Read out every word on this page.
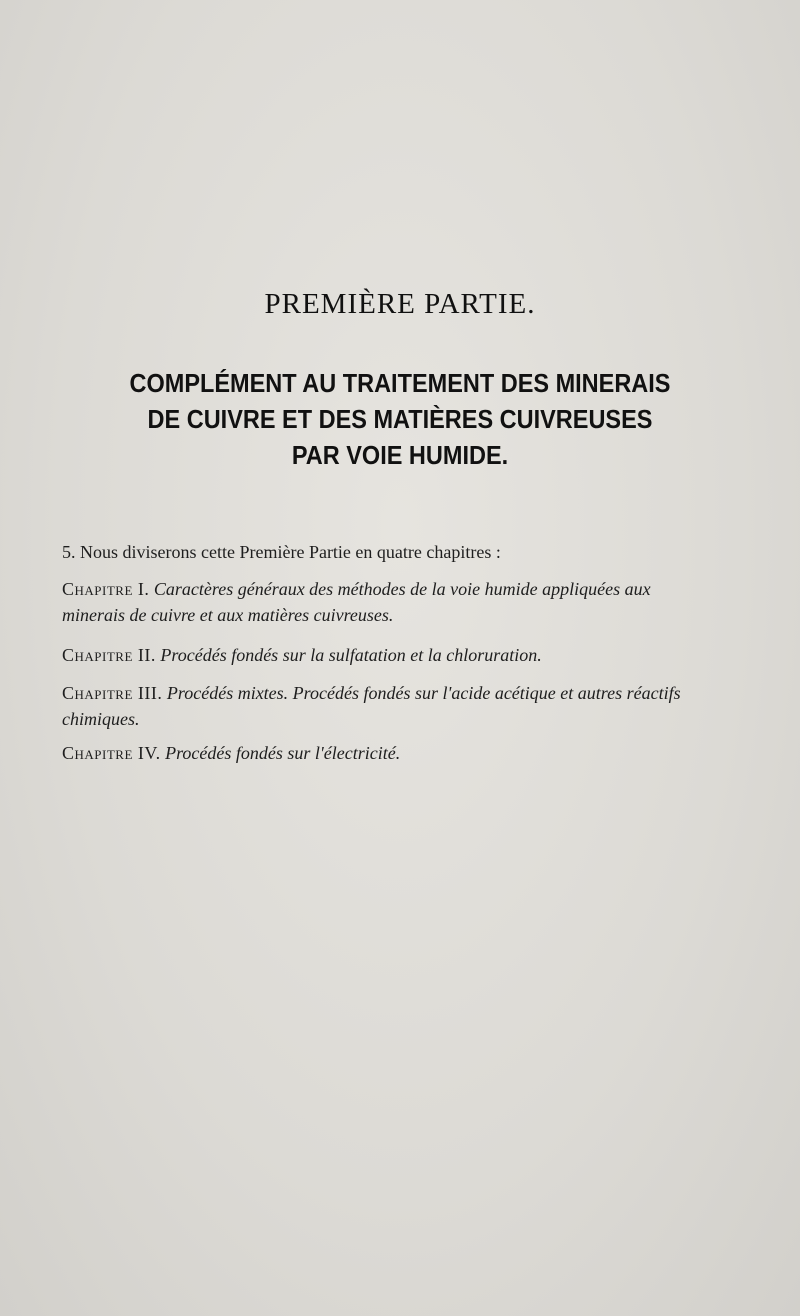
PREMIÈRE PARTIE.
COMPLÉMENT AU TRAITEMENT DES MINERAIS
DE CUIVRE ET DES MATIÈRES CUIVREUSES
PAR VOIE HUMIDE.
5. Nous diviserons cette Première Partie en quatre chapitres :
Chapitre I. Caractères généraux des méthodes de la voie humide appliquées aux minerais de cuivre et aux matières cuivreuses.
Chapitre II. Procédés fondés sur la sulfatation et la chloruration.
Chapitre III. Procédés mixtes. Procédés fondés sur l'acide acétique et autres réactifs chimiques.
Chapitre IV. Procédés fondés sur l'électricité.
